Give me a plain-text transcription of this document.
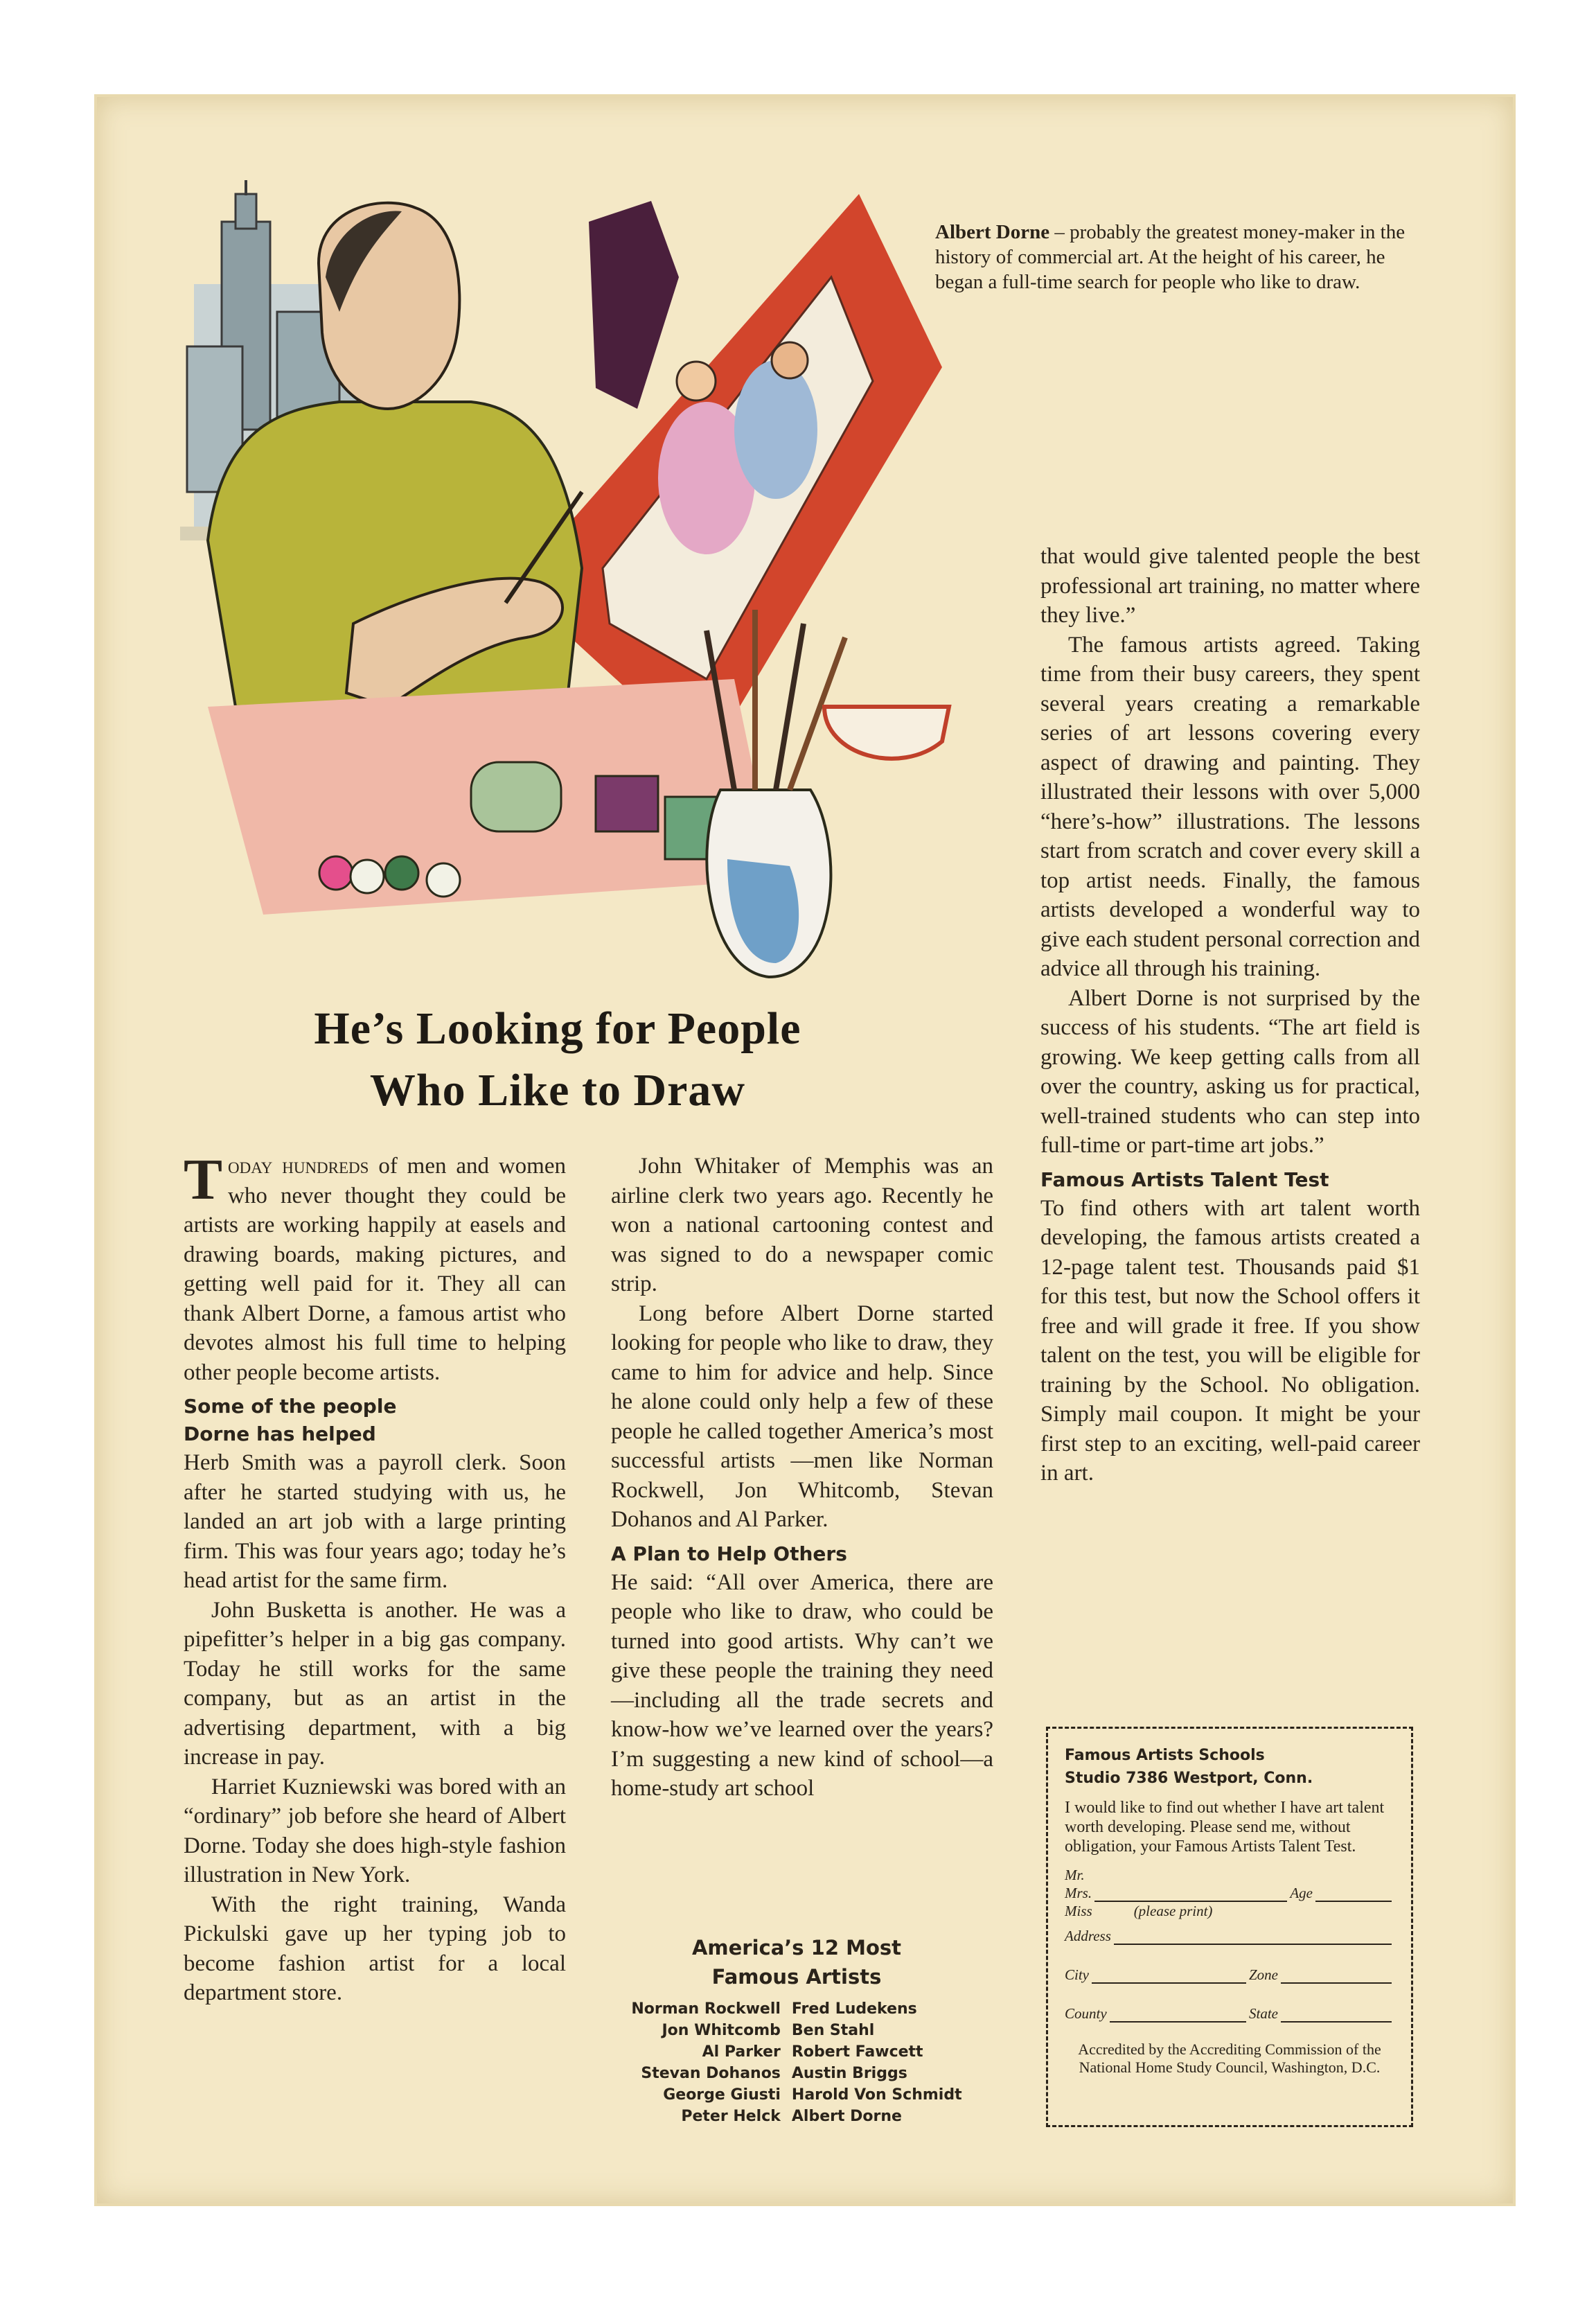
Albert Dorne – probably the greatest money-maker in the history of commercial art. At the height of his career, he began a full-time search for people who like to draw.
He’s Looking for People
Who Like to Draw

Today hundreds of men and women who never thought they could be artists are working happily at easels and drawing boards, making pictures, and getting well paid for it. They all can thank Albert Dorne, a famous artist who devotes almost his full time to helping other people become artists.

Some of the people
Dorne has helped

Herb Smith was a payroll clerk. Soon after he started studying with us, he landed an art job with a large printing firm. This was four years ago; today he’s head artist for the same firm.

John Busketta is another. He was a pipefitter’s helper in a big gas company. Today he still works for the same company, but as an artist in the advertising department, with a big increase in pay.

Harriet Kuzniewski was bored with an “ordinary” job before she heard of Albert Dorne. Today she does high-style fashion illustration in New York.

With the right training, Wanda Pickulski gave up her typing job to become fashion artist for a local department store.

John Whitaker of Memphis was an airline clerk two years ago. Recently he won a national cartooning contest and was signed to do a newspaper comic strip.

Long before Albert Dorne started looking for people who like to draw, they came to him for advice and help. Since he alone could only help a few of these people he called together America’s most successful artists —men like Norman Rockwell, Jon Whitcomb, Stevan Dohanos and Al Parker.

A Plan to Help Others

He said: “All over America, there are people who like to draw, who could be turned into good artists. Why can’t we give these people the training they need—including all the trade secrets and know-how we’ve learned over the years? I’m suggesting a new kind of school—a home-study art school

that would give talented people the best professional art training, no matter where they live.”

The famous artists agreed. Taking time from their busy careers, they spent several years creating a remarkable series of art lessons covering every aspect of drawing and painting. They illustrated their lessons with over 5,000 “here’s-how” illustrations. The lessons start from scratch and cover every skill a top artist needs. Finally, the famous artists developed a wonderful way to give each student personal correction and advice all through his training.

Albert Dorne is not surprised by the success of his students. “The art field is growing. We keep getting calls from all over the country, asking us for practical, well-trained students who can step into full-time or part-time art jobs.”

Famous Artists Talent Test

To find others with art talent worth developing, the famous artists created a 12-page talent test. Thousands paid $1 for this test, but now the School offers it free and will grade it free. If you show talent on the test, you will be eligible for training by the School. No obligation. Simply mail coupon. It might be your first step to an exciting, well-paid career in art.

America’s 12 Most
Famous Artists
Norman Rockwell	Fred Ludekens
Jon Whitcomb	Ben Stahl
Al Parker	Robert Fawcett
Stevan Dohanos	Austin Briggs
George Giusti	Harold Von Schmidt
Peter Helck	Albert Dorne
Famous Artists Schools
Studio 7386 Westport, Conn.
I would like to find out whether I have art talent worth developing. Please send me, without obligation, your Famous Artists Talent Test.
Mr.
Mrs.	Age
Miss	(please print)
Address
City	Zone
County	State
Accredited by the Accrediting Commission of the National Home Study Council, Washington, D.C.
